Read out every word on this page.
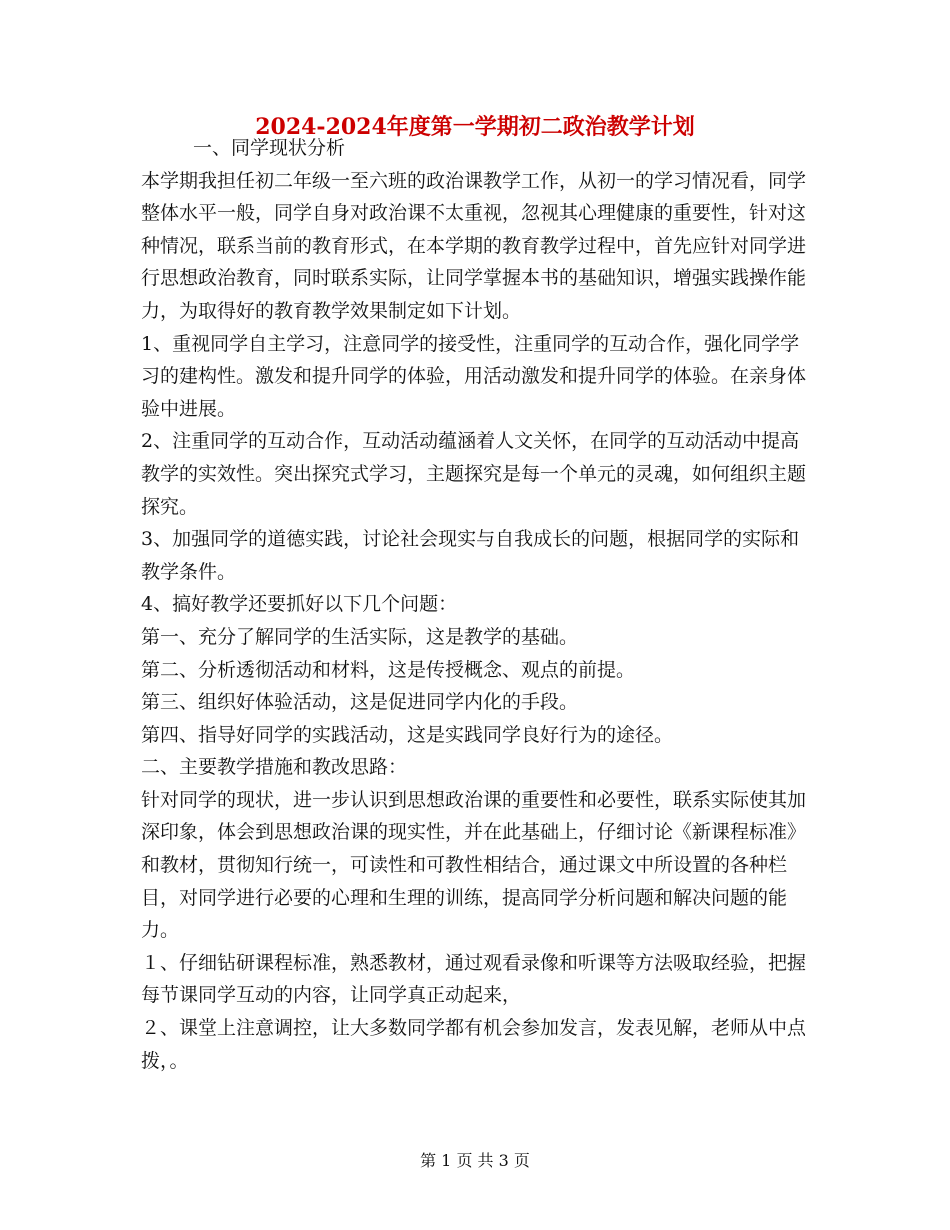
2024-2024年度第一学期初二政治教学计划

一、同学现状分析

本学期我担任初二年级一至六班的政治课教学工作，从初一的学习情况看，同学整体水平一般，同学自身对政治课不太重视，忽视其心理健康的重要性，针对这种情况，联系当前的教育形式，在本学期的教育教学过程中，首先应针对同学进行思想政治教育，同时联系实际，让同学掌握本书的基础知识，增强实践操作能力，为取得好的教育教学效果制定如下计划。

1、重视同学自主学习，注意同学的接受性，注重同学的互动合作，强化同学学习的建构性。激发和提升同学的体验，用活动激发和提升同学的体验。在亲身体验中进展。

2、注重同学的互动合作，互动活动蕴涵着人文关怀，在同学的互动活动中提高教学的实效性。突出探究式学习，主题探究是每一个单元的灵魂，如何组织主题探究。

3、加强同学的道德实践，讨论社会现实与自我成长的问题，根据同学的实际和教学条件。

4、搞好教学还要抓好以下几个问题：

第一、充分了解同学的生活实际，这是教学的基础。

第二、分析透彻活动和材料，这是传授概念、观点的前提。

第三、组织好体验活动，这是促进同学内化的手段。

第四、指导好同学的实践活动，这是实践同学良好行为的途径。

二、主要教学措施和教改思路：

针对同学的现状，进一步认识到思想政治课的重要性和必要性，联系实际使其加深印象，体会到思想政治课的现实性，并在此基础上，仔细讨论《新课程标准》和教材，贯彻知行统一，可读性和可教性相结合，通过课文中所设置的各种栏目，对同学进行必要的心理和生理的训练，提高同学分析问题和解决问题的能力。

１、仔细钻研课程标准，熟悉教材，通过观看录像和听课等方法吸取经验，把握每节课同学互动的内容，让同学真正动起来，

２、课堂上注意调控，让大多数同学都有机会参加发言，发表见解，老师从中点拨，。

第 1 页 共 3 页
